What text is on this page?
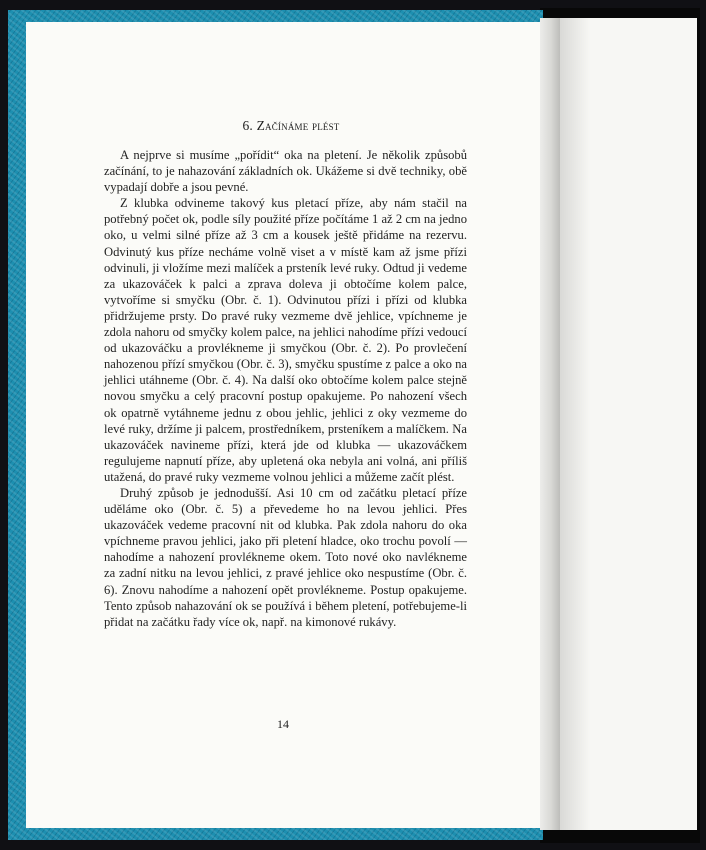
6. Začínáme plést

A nejprve si musíme „pořídit“ oka na pletení. Je několik způsobů začínání, to je nahazování základních ok. Ukážeme si dvě techniky, obě vypadají dobře a jsou pevné.

Z klubka odvineme takový kus pletací příze, aby nám stačil na potřebný počet ok, podle síly použité příze počítáme 1 až 2 cm na jedno oko, u velmi silné příze až 3 cm a kousek ještě přidáme na rezervu. Odvinutý kus příze necháme volně viset a v místě kam až jsme přízi odvinuli, ji vložíme mezi malíček a prsteník levé ruky. Odtud ji vedeme za ukazováček k palci a zprava doleva ji obtočíme kolem palce, vytvoříme si smyčku (Obr. č. 1). Odvinutou přízi i přízi od klubka přidržujeme prsty. Do pravé ruky vezmeme dvě jehlice, vpíchneme je zdola nahoru od smyčky kolem palce, na jehlici nahodíme přízi vedoucí od ukazováčku a provlékneme ji smyčkou (Obr. č. 2). Po provlečení nahozenou přízí smyčkou (Obr. č. 3), smyčku spustíme z palce a oko na jehlici utáhneme (Obr. č. 4). Na další oko obtočíme kolem palce stejně novou smyčku a celý pracovní postup opakujeme. Po nahození všech ok opatrně vytáhneme jednu z obou jehlic, jehlici z oky vezmeme do levé ruky, držíme ji palcem, prostředníkem, prsteníkem a malíčkem. Na ukazováček navineme přízi, která jde od klubka — ukazováčkem regulujeme napnutí příze, aby upletená oka nebyla ani volná, ani příliš utažená, do pravé ruky vezmeme volnou jehlici a můžeme začít plést.

Druhý způsob je jednodušší. Asi 10 cm od začátku pletací příze uděláme oko (Obr. č. 5) a převedeme ho na levou jehlici. Přes ukazováček vedeme pracovní nit od klubka. Pak zdola nahoru do oka vpíchneme pravou jehlici, jako při pletení hladce, oko trochu povolí — nahodíme a nahození provlékneme okem. Toto nové oko navlékneme za zadní nitku na levou jehlici, z pravé jehlice oko nespustíme (Obr. č. 6). Znovu nahodíme a nahození opět provlékneme. Postup opakujeme. Tento způsob nahazování ok se používá i během pletení, potřebujeme-li přidat na začátku řady více ok, např. na kimonové rukávy.

14
